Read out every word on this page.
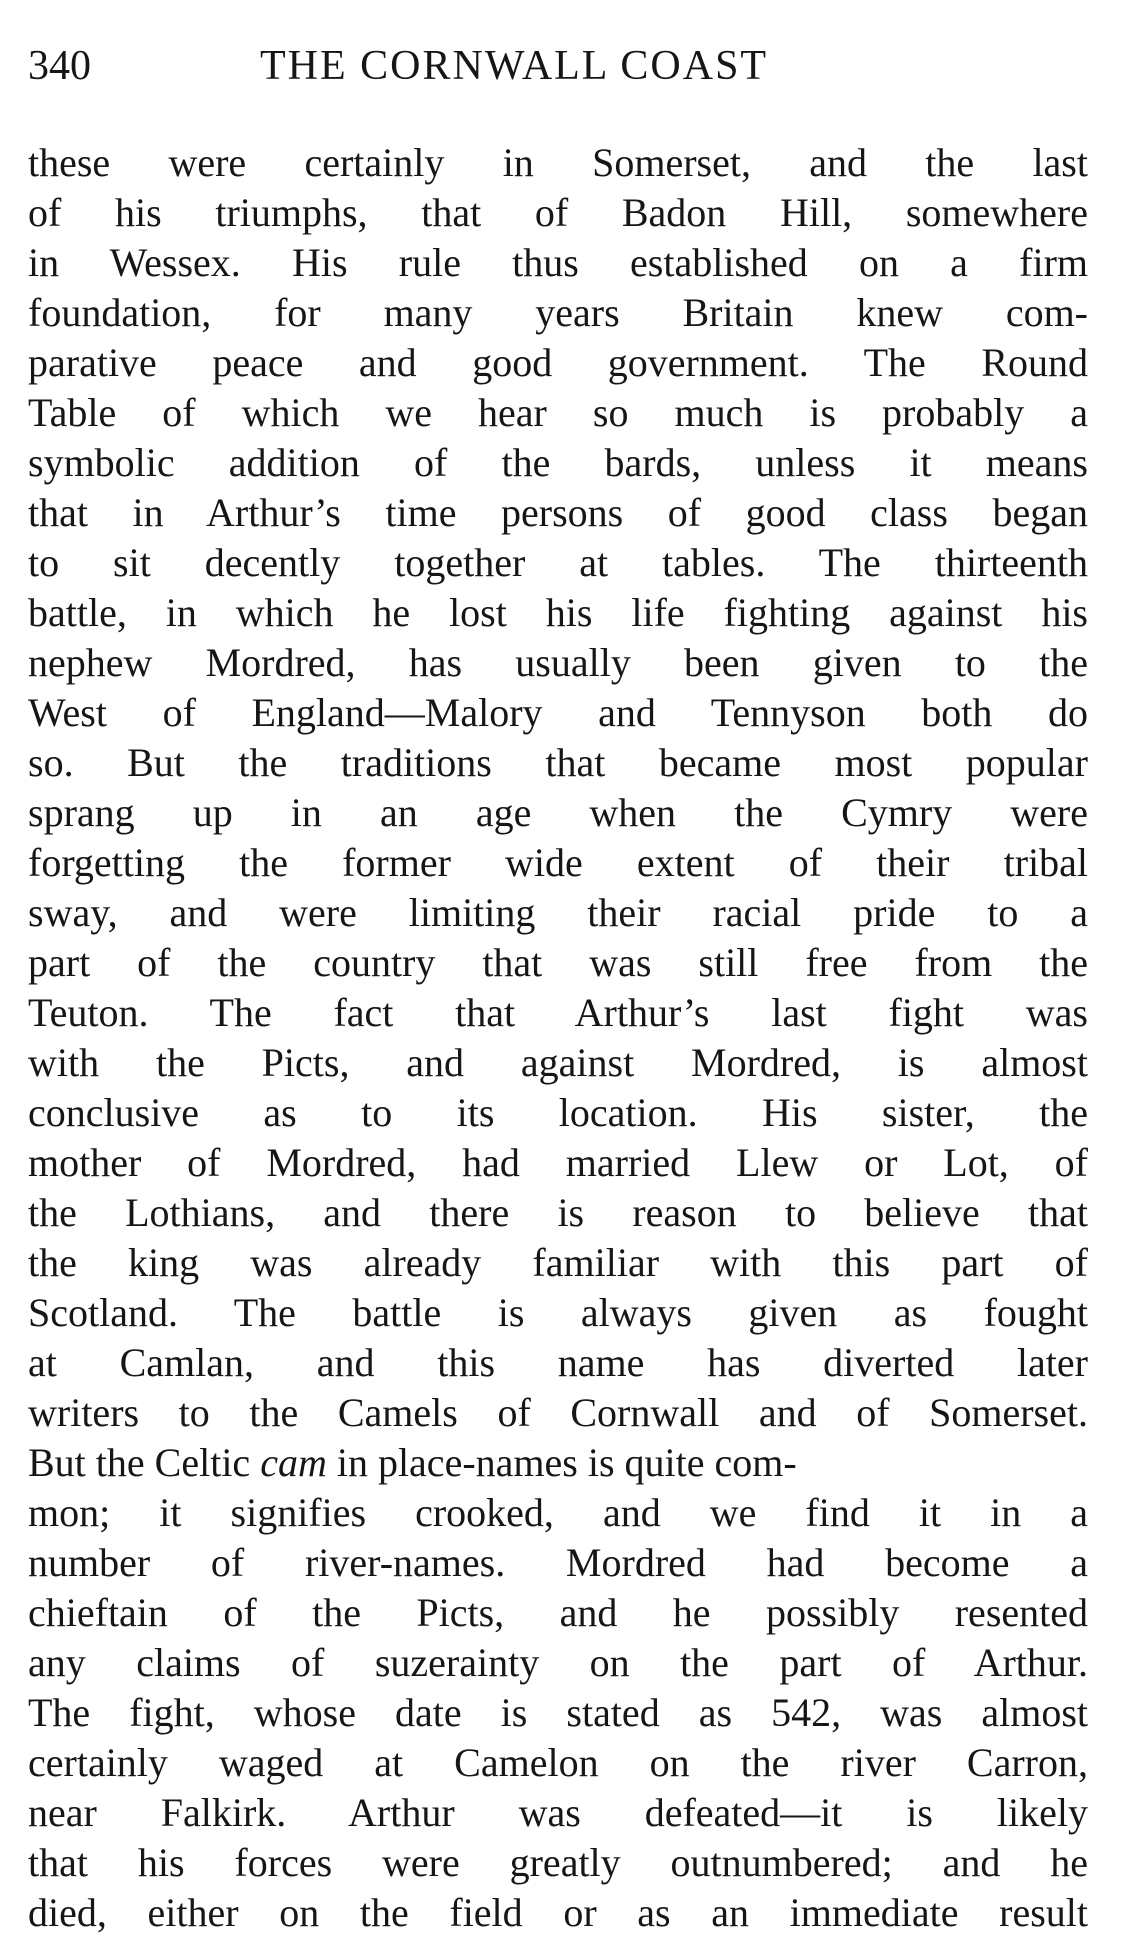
340	THE CORNWALL COAST
these were certainly in Somerset, and the last
of his triumphs, that of Badon Hill, somewhere
in Wessex. His rule thus established on a firm
foundation, for many years Britain knew com-
parative peace and good government. The Round
Table of which we hear so much is probably a
symbolic addition of the bards, unless it means
that in Arthur’s time persons of good class began
to sit decently together at tables. The thirteenth
battle, in which he lost his life fighting against his
nephew Mordred, has usually been given to the
West of England—Malory and Tennyson both do
so. But the traditions that became most popular
sprang up in an age when the Cymry were
forgetting the former wide extent of their tribal
sway, and were limiting their racial pride to a
part of the country that was still free from the
Teuton. The fact that Arthur’s last fight was
with the Picts, and against Mordred, is almost
conclusive as to its location. His sister, the
mother of Mordred, had married Llew or Lot, of
the Lothians, and there is reason to believe that
the king was already familiar with this part of
Scotland. The battle is always given as fought
at Camlan, and this name has diverted later
writers to the Camels of Cornwall and of Somerset.
But the Celtic cam in place-names is quite com-
mon; it signifies crooked, and we find it in a
number of river-names. Mordred had become a
chieftain of the Picts, and he possibly resented
any claims of suzerainty on the part of Arthur.
The fight, whose date is stated as 542, was almost
certainly waged at Camelon on the river Carron,
near Falkirk. Arthur was defeated—it is likely
that his forces were greatly outnumbered; and he
died, either on the field or as an immediate result
